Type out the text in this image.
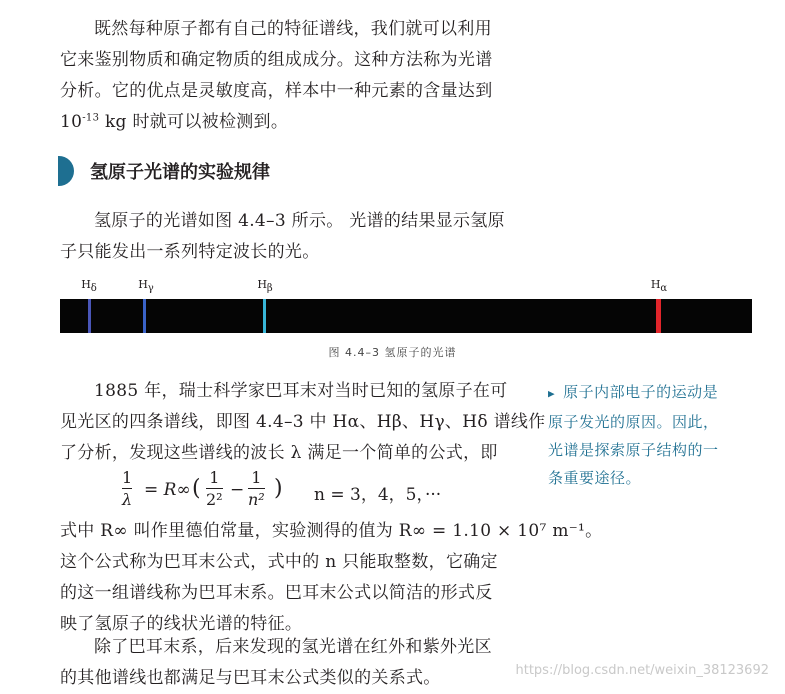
既然每种原子都有自己的特征谱线，我们就可以利用
它来鉴别物质和确定物质的组成成分。这种方法称为光谱
分析。它的优点是灵敏度高，样本中一种元素的含量达到
$10^{-13}$ kg 时就可以被检测到。
氢原子光谱的实验规律
氢原子的光谱如图 4.4–3 所示。 光谱的结果显示氢原
子只能发出一系列特定波长的光。
$H_\delta$	$H_\gamma$	$H_\beta$	$H_\alpha$
图 4.4–3 氢原子的光谱
1885 年，瑞士科学家巴耳末对当时已知的氢原子在可
见光区的四条谱线，即图 4.4–3 中 Hα、Hβ、Hγ、Hδ 谱线作
了分析，发现这些谱线的波长 λ 满足一个简单的公式，即
1
λ = R∞ ( 1
2² −
1
n² ) n = 3，4，5，···
式中 R∞ 叫作里德伯常量，实验测得的值为 R∞ = 1.10 × 10⁷ m⁻¹。
这个公式称为巴耳末公式，式中的 n 只能取整数，它确定
的这一组谱线称为巴耳末系。巴耳末公式以简洁的形式反
映了氢原子的线状光谱的特征。
除了巴耳末系，后来发现的氢光谱在红外和紫外光区
的其他谱线也都满足与巴耳末公式类似的关系式。
▶ 原子内部电子的运动是
原子发光的原因。因此，
光谱是探索原子结构的一
条重要途径。
https://blog.csdn.net/weixin_38123692
